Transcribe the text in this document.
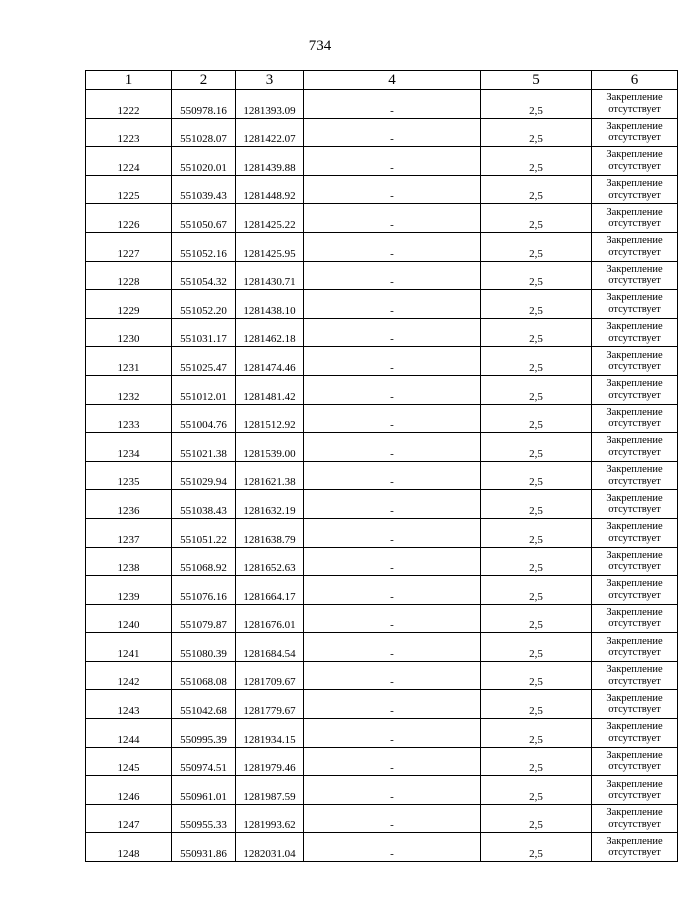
734
1	2	3	4	5	6
1222	550978.16	1281393.09	-	2,5	Закрепление
отсутствует

1223	551028.07	1281422.07	-	2,5	Закрепление
отсутствует

1224	551020.01	1281439.88	-	2,5	Закрепление
отсутствует

1225	551039.43	1281448.92	-	2,5	Закрепление
отсутствует

1226	551050.67	1281425.22	-	2,5	Закрепление
отсутствует

1227	551052.16	1281425.95	-	2,5	Закрепление
отсутствует

1228	551054.32	1281430.71	-	2,5	Закрепление
отсутствует

1229	551052.20	1281438.10	-	2,5	Закрепление
отсутствует

1230	551031.17	1281462.18	-	2,5	Закрепление
отсутствует

1231	551025.47	1281474.46	-	2,5	Закрепление
отсутствует

1232	551012.01	1281481.42	-	2,5	Закрепление
отсутствует

1233	551004.76	1281512.92	-	2,5	Закрепление
отсутствует

1234	551021.38	1281539.00	-	2,5	Закрепление
отсутствует

1235	551029.94	1281621.38	-	2,5	Закрепление
отсутствует

1236	551038.43	1281632.19	-	2,5	Закрепление
отсутствует

1237	551051.22	1281638.79	-	2,5	Закрепление
отсутствует

1238	551068.92	1281652.63	-	2,5	Закрепление
отсутствует

1239	551076.16	1281664.17	-	2,5	Закрепление
отсутствует

1240	551079.87	1281676.01	-	2,5	Закрепление
отсутствует

1241	551080.39	1281684.54	-	2,5	Закрепление
отсутствует

1242	551068.08	1281709.67	-	2,5	Закрепление
отсутствует

1243	551042.68	1281779.67	-	2,5	Закрепление
отсутствует

1244	550995.39	1281934.15	-	2,5	Закрепление
отсутствует

1245	550974.51	1281979.46	-	2,5	Закрепление
отсутствует

1246	550961.01	1281987.59	-	2,5	Закрепление
отсутствует

1247	550955.33	1281993.62	-	2,5	Закрепление
отсутствует

1248	550931.86	1282031.04	-	2,5	Закрепление
отсутствует
